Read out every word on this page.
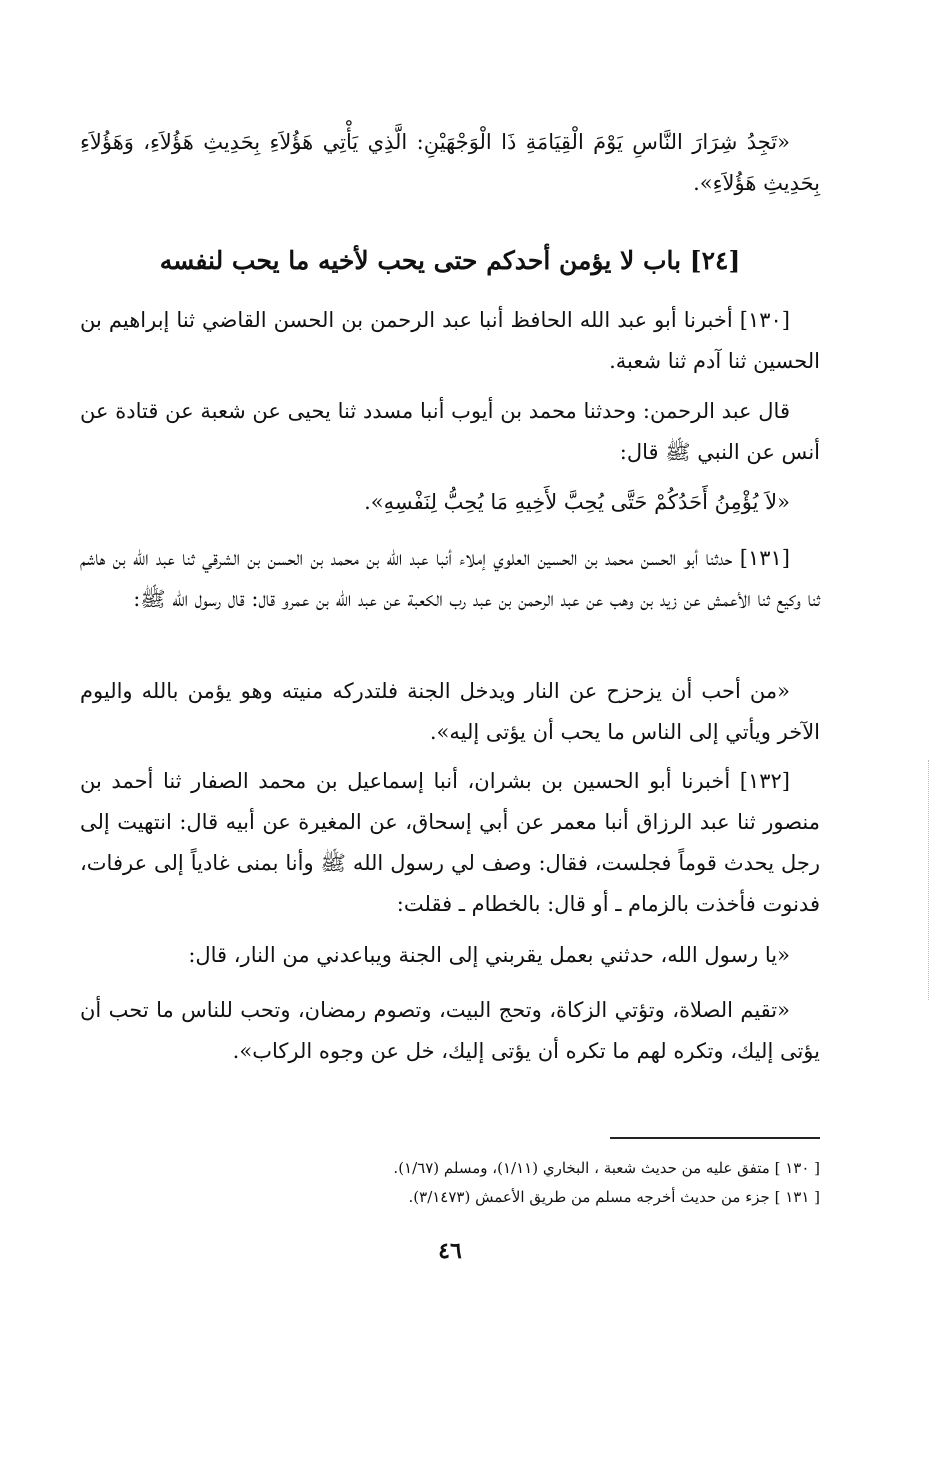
«تَجِدُ شِرَارَ النَّاسِ يَوْمَ الْقِيَامَةِ ذَا الْوَجْهَيْنِ: الَّذِي يَأْتِي هَؤُلاَءِ بِحَدِيثِ هَؤُلاَءِ، وَهَؤُلاَءِ بِحَدِيثِ هَؤُلاَءِ».

[٢٤] باب لا يؤمن أحدكم حتى يحب لأخيه ما يحب لنفسه

[١٣٠] أخبرنا أبو عبد الله الحافظ أنبا عبد الرحمن بن الحسن القاضي ثنا إبراهيم بن الحسين ثنا آدم ثنا شعبة.

قال عبد الرحمن: وحدثنا محمد بن أيوب أنبا مسدد ثنا يحيى عن شعبة عن قتادة عن أنس عن النبي ﷺ قال:

«لاَ يُؤْمِنُ أَحَدُكُمْ حَتَّى يُحِبَّ لأَخِيهِ مَا يُحِبُّ لِنَفْسِهِ».

[١٣١] حدثنا أبو الحسن محمد بن الحسين العلوي إملاء أنبا عبد الله بن محمد بن الحسن بن الشرقي ثنا عبد الله بن هاشم ثنا وكيع ثنا الأعمش عن زيد بن وهب عن عبد الرحمن بن عبد رب الكعبة عن عبد الله بن عمرو قال: قال رسول الله ﷺ:

«من أحب أن يزحزح عن النار ويدخل الجنة فلتدركه منيته وهو يؤمن بالله واليوم الآخر ويأتي إلى الناس ما يحب أن يؤتى إليه».

[١٣٢] أخبرنا أبو الحسين بن بشران، أنبا إسماعيل بن محمد الصفار ثنا أحمد بن منصور ثنا عبد الرزاق أنبا معمر عن أبي إسحاق، عن المغيرة عن أبيه قال: انتهيت إلى رجل يحدث قوماً فجلست، فقال: وصف لي رسول الله ﷺ وأنا بمنى غادياً إلى عرفات، فدنوت فأخذت بالزمام ـ أو قال: بالخطام ـ فقلت:

«يا رسول الله، حدثني بعمل يقربني إلى الجنة ويباعدني من النار، قال:

«تقيم الصلاة، وتؤتي الزكاة، وتحج البيت، وتصوم رمضان، وتحب للناس ما تحب أن يؤتى إليك، وتكره لهم ما تكره أن يؤتى إليك، خل عن وجوه الركاب».

[ ١٣٠ ] متفق عليه من حديث شعبة ، البخاري (١/١١)، ومسلم (١/٦٧).

[ ١٣١ ] جزء من حديث أخرجه مسلم من طريق الأعمش (٣/١٤٧٣).

٤٦
